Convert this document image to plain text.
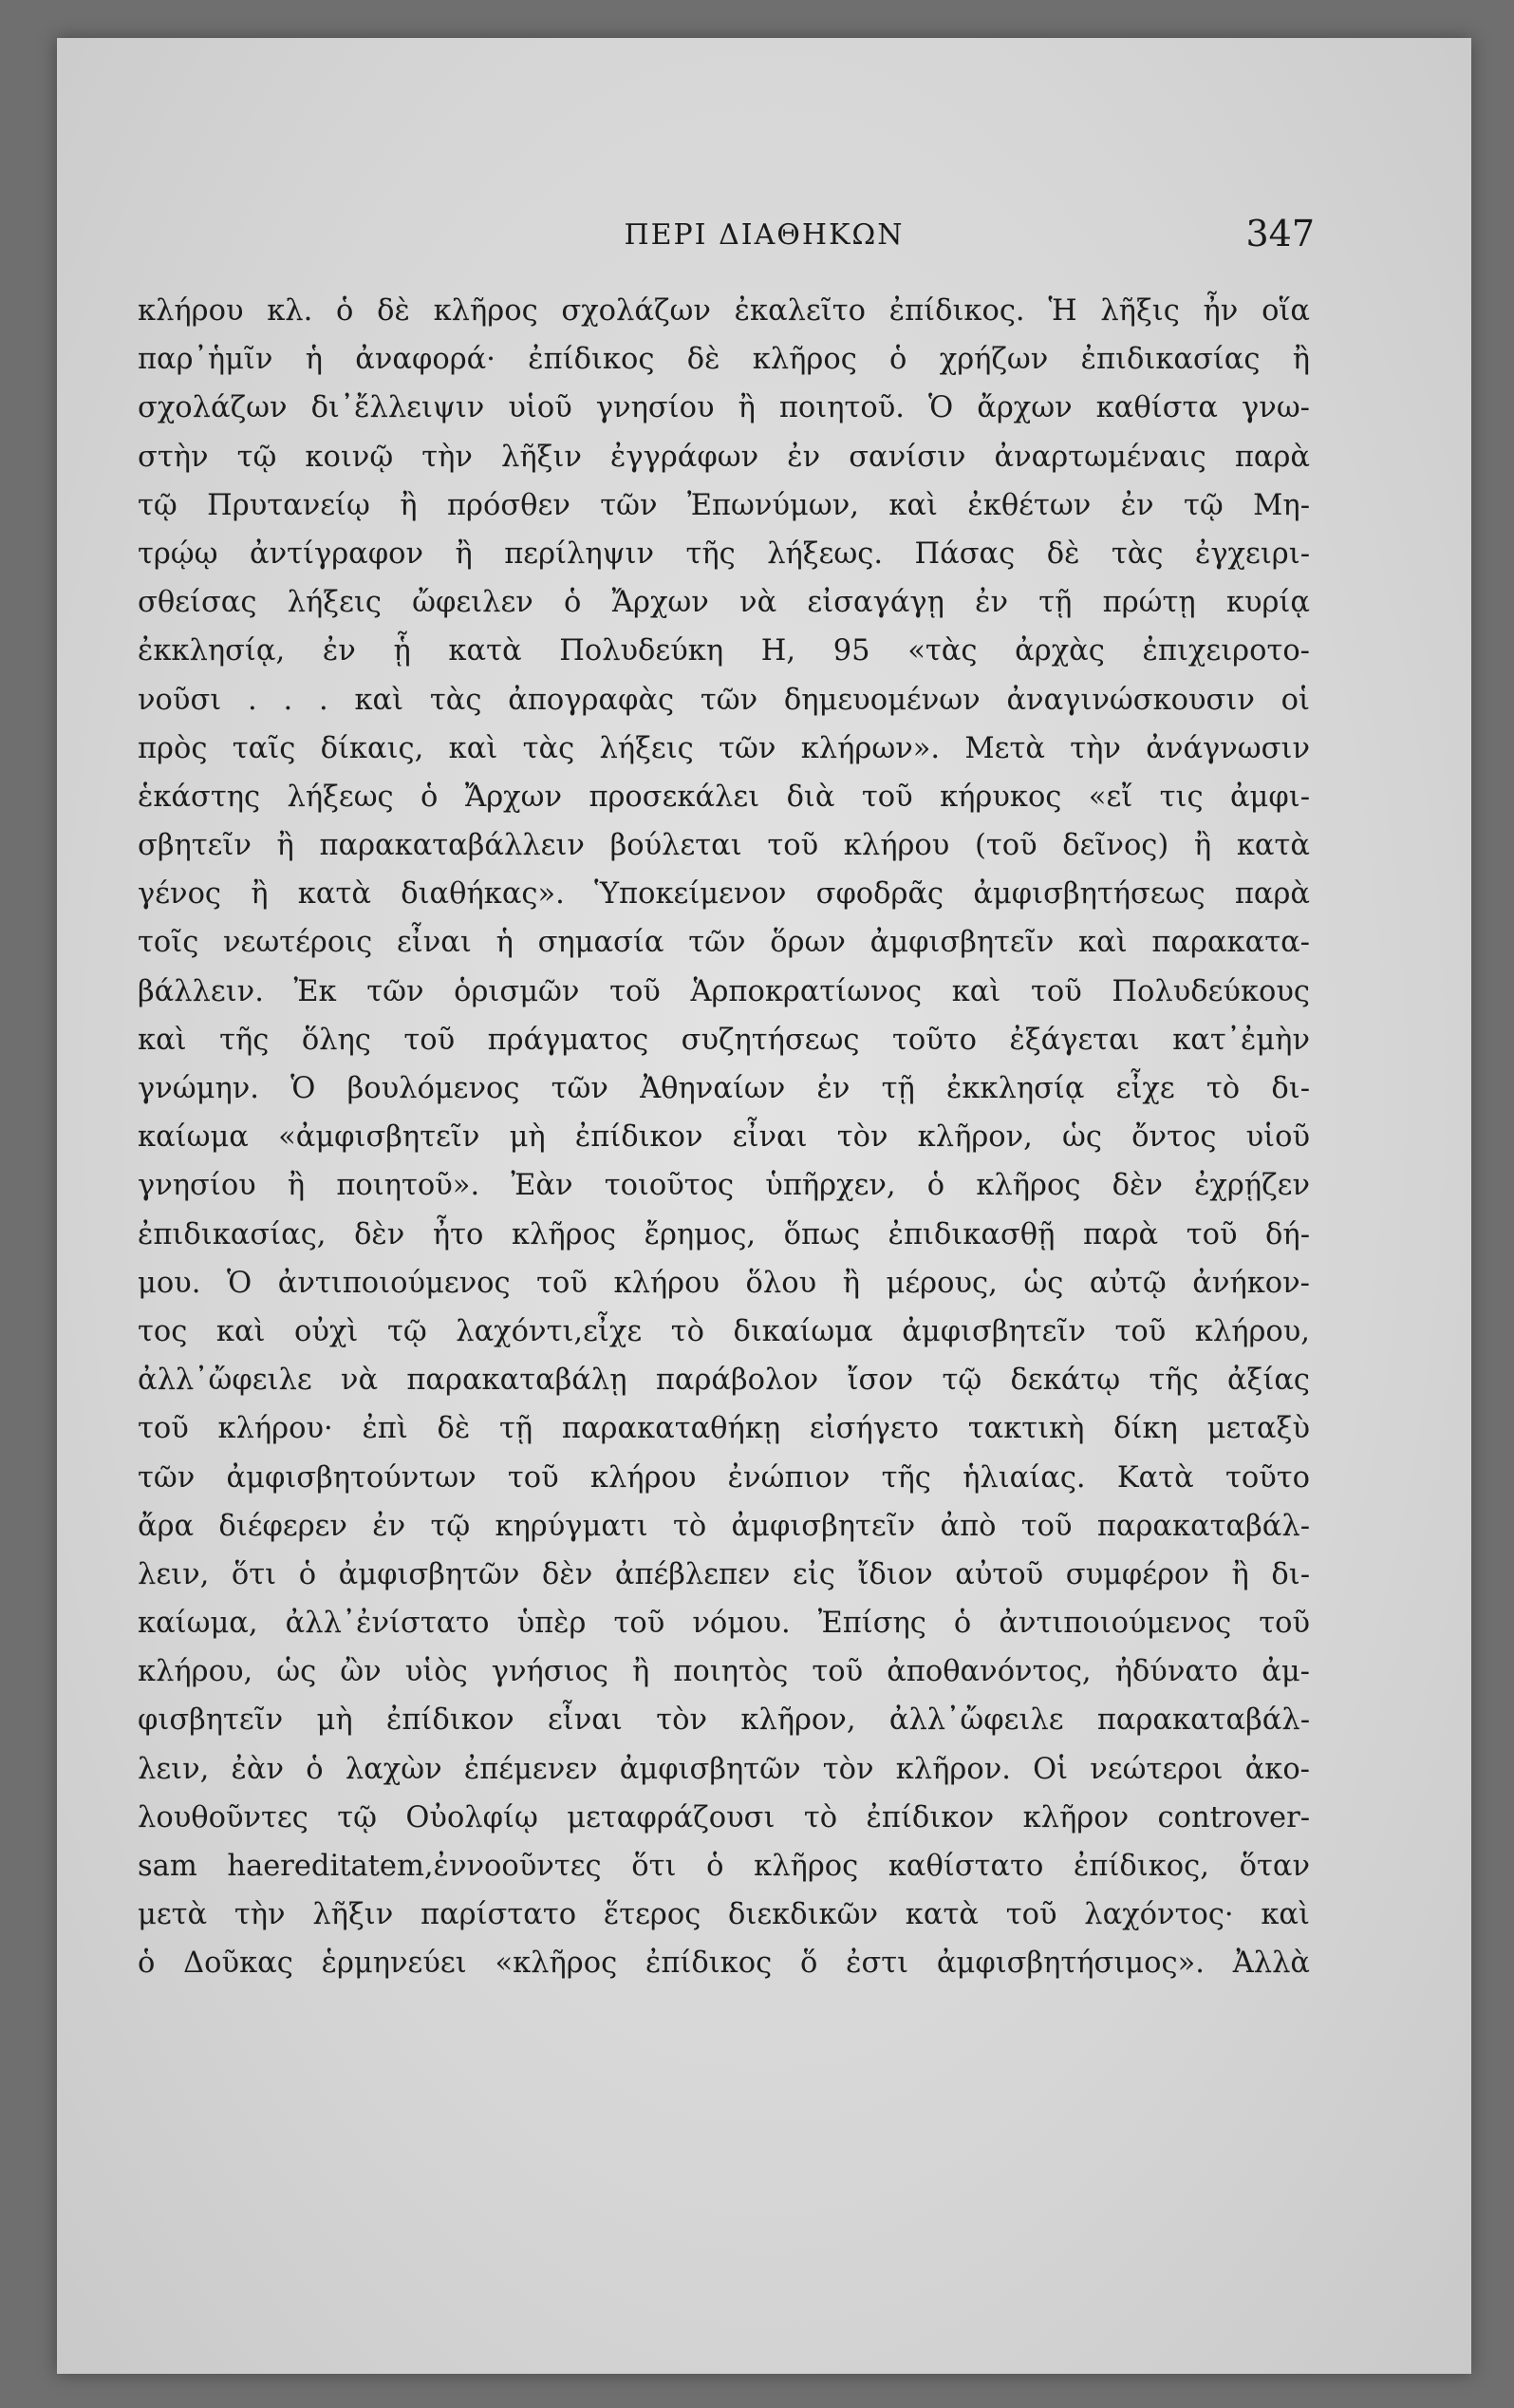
ΠΕΡΙ ΔΙΑΘΗΚΩΝ	347
κλήρου κλ. ὁ δὲ κλῆρος σχολάζων ἐκαλεῖτο ἐπίδικος. Ἡ λῆξις ἦν οἵα
παρ᾽ἡμῖν ἡ ἀναφορά· ἐπίδικος δὲ κλῆρος ὁ χρήζων ἐπιδικασίας ἢ
σχολάζων δι᾽ἔλλειψιν υἱοῦ γνησίου ἢ ποιητοῦ. Ὁ ἄρχων καθίστα γνω-
στὴν τῷ κοινῷ τὴν λῆξιν ἐγγράφων ἐν σανίσιν ἀναρτωμέναις παρὰ
τῷ Πρυτανείῳ ἢ πρόσθεν τῶν Ἐπωνύμων, καὶ ἐκθέτων ἐν τῷ Μη-
τρῴῳ ἀντίγραφον ἢ περίληψιν τῆς λήξεως. Πάσας δὲ τὰς ἐγχειρι-
σθείσας λήξεις ὤφειλεν ὁ Ἄρχων νὰ εἰσαγάγῃ ἐν τῇ πρώτῃ κυρίᾳ
ἐκκλησίᾳ, ἐν ᾗ κατὰ Πολυδεύκη Η, 95 «τὰς ἀρχὰς ἐπιχειροτο-
νοῦσι . . . καὶ τὰς ἀπογραφὰς τῶν δημευομένων ἀναγινώσκουσιν οἱ
πρὸς ταῖς δίκαις, καὶ τὰς λήξεις τῶν κλήρων». Μετὰ τὴν ἀνάγνωσιν
ἑκάστης λήξεως ὁ Ἄρχων προσεκάλει διὰ τοῦ κήρυκος «εἴ τις ἀμφι-
σβητεῖν ἢ παρακαταβάλλειν βούλεται τοῦ κλήρου (τοῦ δεῖνος) ἢ κατὰ
γένος ἢ κατὰ διαθήκας». Ὑποκείμενον σφοδρᾶς ἀμφισβητήσεως παρὰ
τοῖς νεωτέροις εἶναι ἡ σημασία τῶν ὅρων ἀμφισβητεῖν καὶ παρακατα-
βάλλειν. Ἐκ τῶν ὁρισμῶν τοῦ Ἁρποκρατίωνος καὶ τοῦ Πολυδεύκους
καὶ τῆς ὅλης τοῦ πράγματος συζητήσεως τοῦτο ἐξάγεται κατ᾽ἐμὴν
γνώμην. Ὁ βουλόμενος τῶν Ἀθηναίων ἐν τῇ ἐκκλησίᾳ εἶχε τὸ δι-
καίωμα «ἀμφισβητεῖν μὴ ἐπίδικον εἶναι τὸν κλῆρον, ὡς ὄντος υἱοῦ
γνησίου ἢ ποιητοῦ». Ἐὰν τοιοῦτος ὑπῆρχεν, ὁ κλῆρος δὲν ἐχρῄζεν
ἐπιδικασίας, δὲν ἦτο κλῆρος ἔρημος, ὅπως ἐπιδικασθῇ παρὰ τοῦ δή-
μου. Ὁ ἀντιποιούμενος τοῦ κλήρου ὅλου ἢ μέρους, ὡς αὐτῷ ἀνήκον-
τος καὶ οὐχὶ τῷ λαχόντι,εἶχε τὸ δικαίωμα ἀμφισβητεῖν τοῦ κλήρου,
ἀλλ᾽ὤφειλε νὰ παρακαταβάλῃ παράβολον ἴσον τῷ δεκάτῳ τῆς ἀξίας
τοῦ κλήρου· ἐπὶ δὲ τῇ παρακαταθήκῃ εἰσήγετο τακτικὴ δίκη μεταξὺ
τῶν ἀμφισβητούντων τοῦ κλήρου ἐνώπιον τῆς ἡλιαίας. Κατὰ τοῦτο
ἄρα διέφερεν ἐν τῷ κηρύγματι τὸ ἀμφισβητεῖν ἀπὸ τοῦ παρακαταβάλ-
λειν, ὅτι ὁ ἀμφισβητῶν δὲν ἀπέβλεπεν εἰς ἴδιον αὐτοῦ συμφέρον ἢ δι-
καίωμα, ἀλλ᾽ἐνίστατο ὑπὲρ τοῦ νόμου. Ἐπίσης ὁ ἀντιποιούμενος τοῦ
κλήρου, ὡς ὢν υἱὸς γνήσιος ἢ ποιητὸς τοῦ ἀποθανόντος, ἠδύνατο ἀμ-
φισβητεῖν μὴ ἐπίδικον εἶναι τὸν κλῆρον, ἀλλ᾽ὤφειλε παρακαταβάλ-
λειν, ἐὰν ὁ λαχὼν ἐπέμενεν ἀμφισβητῶν τὸν κλῆρον. Οἱ νεώτεροι ἀκο-
λουθοῦντες τῷ Οὐολφίῳ μεταφράζουσι τὸ ἐπίδικον κλῆρον controver-
sam haereditatem,ἐννοοῦντες ὅτι ὁ κλῆρος καθίστατο ἐπίδικος, ὅταν
μετὰ τὴν λῆξιν παρίστατο ἕτερος διεκδικῶν κατὰ τοῦ λαχόντος· καὶ
ὁ Δοῦκας ἑρμηνεύει «κλῆρος ἐπίδικος ὅ ἐστι ἀμφισβητήσιμος». Ἀλλὰ
